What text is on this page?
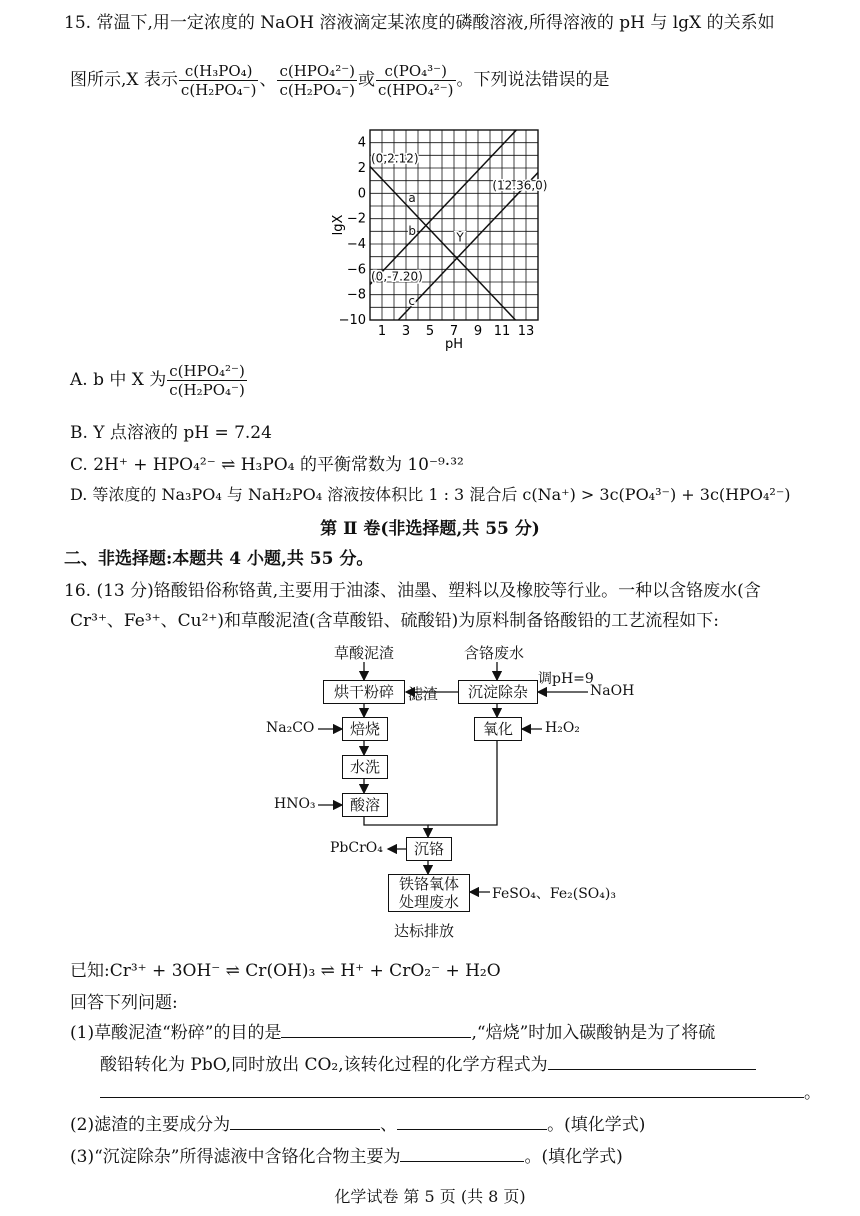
15. 常温下,用一定浓度的 NaOH 溶液滴定某浓度的磷酸溶液,所得溶液的 pH 与 lgX 的关系如
图所示,X 表示 $\frac{\text{c(H₃PO₄)}}{\text{c(H₂PO₄⁻)}}$ 、 $\frac{\text{c(HPO₄²⁻)}}{\text{c(H₂PO₄⁻)}}$ 或 $\frac{\text{c(PO₄³⁻)}}{\text{c(HPO₄²⁻)}}$ 。下列说法错误的是
1 3 5 7 9 11 13
4
2
0
−2
−4
−6
−8
−10
(0,2.12)
(12.36,0)
(0,-7.20)
a
b
c
Y
pH
lgX
A. b 中 X 为 $\frac{\text{c(HPO₄²⁻)}}{\text{c(H₂PO₄⁻)}}$
B. Y 点溶液的 pH = 7.24
C. 2H⁺ + HPO₄²⁻ ⇌ H₃PO₄ 的平衡常数为 10⁻⁹·³²
D. 等浓度的 Na₃PO₄ 与 NaH₂PO₄ 溶液按体积比 1 : 3 混合后 c(Na⁺) > 3c(PO₄³⁻) + 3c(HPO₄²⁻)
第 Ⅱ 卷(非选择题,共 55 分)
二、非选择题:本题共 4 小题,共 55 分。
16. (13 分)铬酸铅俗称铬黄,主要用于油漆、油墨、塑料以及橡胶等行业。一种以含铬废水(含
Cr³⁺、Fe³⁺、Cu²⁺)和草酸泥渣(含草酸铅、硫酸铅)为原料制备铬酸铅的工艺流程如下:
草酸泥渣	含铬废水
烘干粉碎 滤渣	沉淀除杂
调pH=9
NaOH
Na₂CO	焙烧	氧化	H₂O₂
水洗
HNO₃	酸溶
PbCrO₄	沉铬
铁铬氧体
处理废水	FeSO₄、Fe₂(SO₄)₃
达标排放
已知:Cr³⁺ + 3OH⁻ ⇌ Cr(OH)₃ ⇌ H⁺ + CrO₂⁻ + H₂O
回答下列问题:
(1)草酸泥渣“粉碎”的目的是	,“焙烧”时加入碳酸钠是为了将硫
酸铅转化为 PbO,同时放出 CO₂,该转化过程的化学方程式为
。
(2)滤渣的主要成分为	、	。(填化学式)
(3)“沉淀除杂”所得滤液中含铬化合物主要为	。(填化学式)
化学试卷 第 5 页 (共 8 页)
